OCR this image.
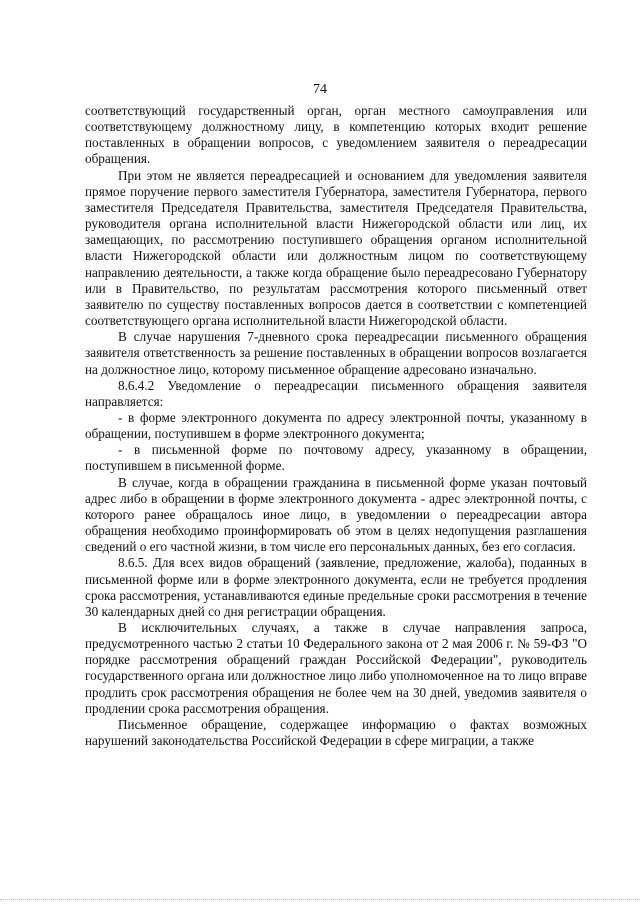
74

соответствующий государственный орган, орган местного самоуправления или соответствующему должностному лицу, в компетенцию которых входит решение поставленных в обращении вопросов, с уведомлением заявителя о переадресации обращения.

При этом не является переадресацией и основанием для уведомления заявителя прямое поручение первого заместителя Губернатора, заместителя Губернатора, первого заместителя Председателя Правительства, заместителя Председателя Правительства, руководителя органа исполнительной власти Нижегородской области или лиц, их замещающих, по рассмотрению поступившего обращения органом исполнительной власти Нижегородской области или должностным лицом по соответствующему направлению деятельности, а также когда обращение было переадресовано Губернатору или в Правительство, по результатам рассмотрения которого письменный ответ заявителю по существу поставленных вопросов дается в соответствии с компетенцией соответствующего органа исполнительной власти Нижегородской области.

В случае нарушения 7-дневного срока переадресации письменного обращения заявителя ответственность за решение поставленных в обращении вопросов возлагается на должностное лицо, которому письменное обращение адресовано изначально.

8.6.4.2 Уведомление о переадресации письменного обращения заявителя направляется:

- в форме электронного документа по адресу электронной почты, указанному в обращении, поступившем в форме электронного документа;

- в письменной форме по почтовому адресу, указанному в обращении, поступившем в письменной форме.

В случае, когда в обращении гражданина в письменной форме указан почтовый адрес либо в обращении в форме электронного документа - адрес электронной почты, с которого ранее обращалось иное лицо, в уведомлении о переадресации автора обращения необходимо проинформировать об этом в целях недопущения разглашения сведений о его частной жизни, в том числе его персональных данных, без его согласия.

8.6.5. Для всех видов обращений (заявление, предложение, жалоба), поданных в письменной форме или в форме электронного документа, если не требуется продления срока рассмотрения, устанавливаются единые предельные сроки рассмотрения в течение 30 календарных дней со дня регистрации обращения.

В исключительных случаях, а также в случае направления запроса, предусмотренного частью 2 статьи 10 Федерального закона от 2 мая 2006 г. № 59-ФЗ "О порядке рассмотрения обращений граждан Российской Федерации", руководитель государственного органа или должностное лицо либо уполномоченное на то лицо вправе продлить срок рассмотрения обращения не более чем на 30 дней, уведомив заявителя о продлении срока рассмотрения обращения.

Письменное обращение, содержащее информацию о фактах возможных нарушений законодательства Российской Федерации в сфере миграции, а также
